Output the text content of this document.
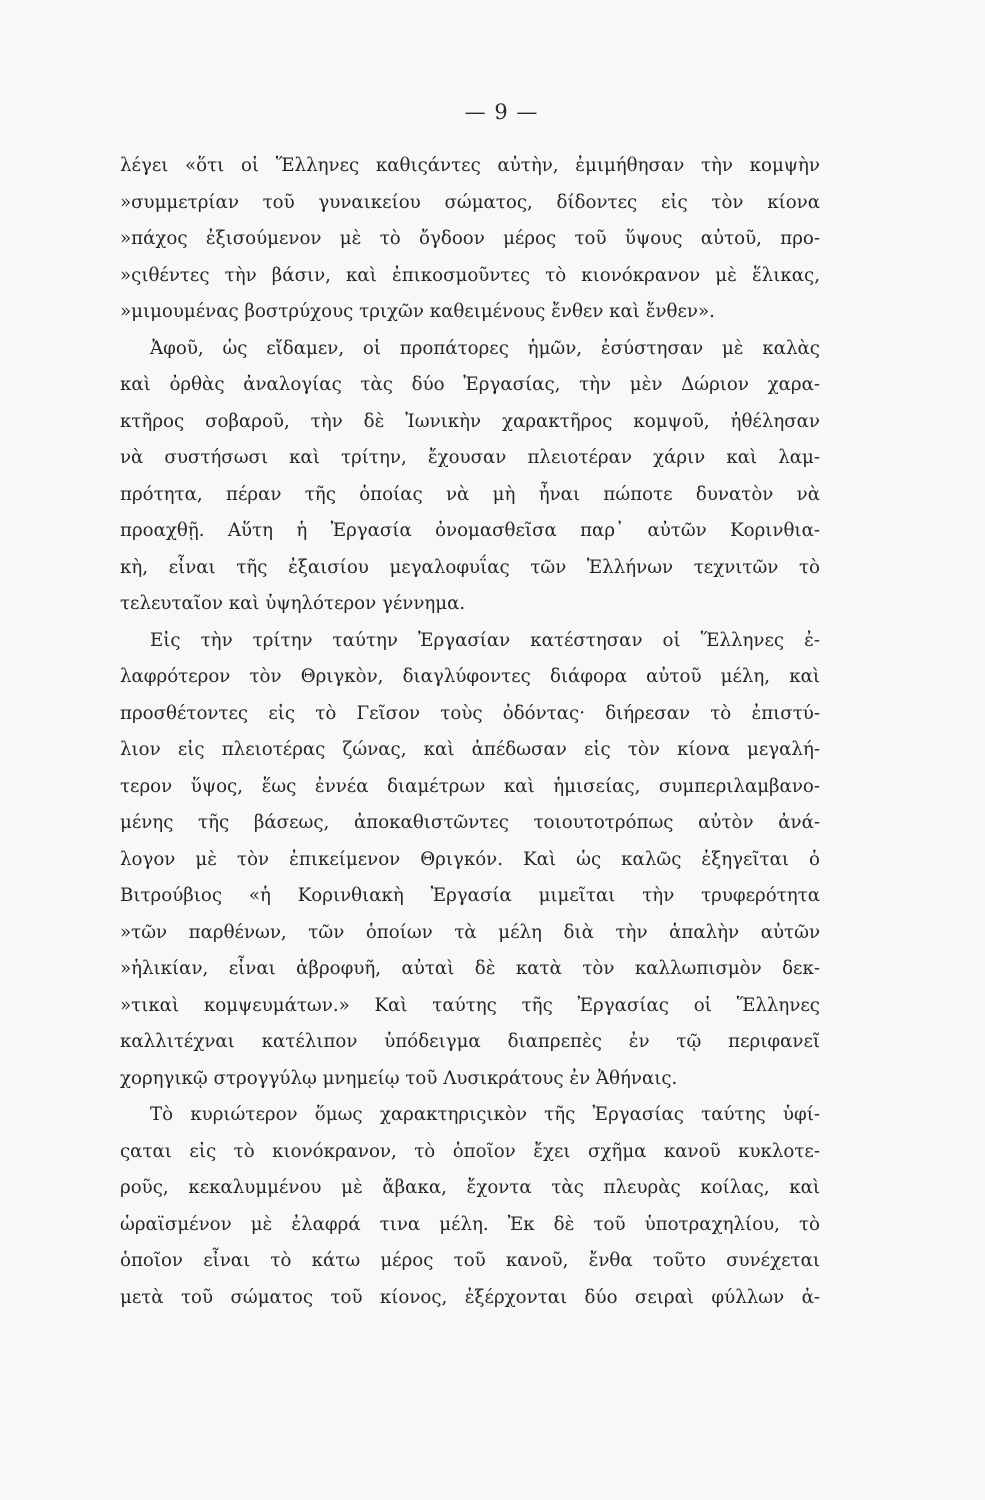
— 9 —
λέγει «ὅτι οἱ Ἕλληνες καθιςάντες αὐτὴν, ἐμιμήθησαν τὴν κομψὴν
»συμμετρίαν τοῦ γυναικείου σώματος, δίδοντες εἰς τὸν κίονα
»πάχος ἐξισούμενον μὲ τὸ ὄγδοον μέρος τοῦ ὕψους αὐτοῦ, προ-
»ςιθέντες τὴν βάσιν, καὶ ἐπικοσμοῦντες τὸ κιονόκρανον μὲ ἕλικας,
»μιμουμένας βοστρύχους τριχῶν καθειμένους ἔνθεν καὶ ἔνθεν».
Ἀφοῦ, ὡς εἴδαμεν, οἱ προπάτορες ἡμῶν, ἐσύστησαν μὲ καλὰς
καὶ ὀρθὰς ἀναλογίας τὰς δύο Ἐργασίας, τὴν μὲν Δώριον χαρα-
κτῆρος σοβαροῦ, τὴν δὲ Ἰωνικὴν χαρακτῆρος κομψοῦ, ἠθέλησαν
νὰ συστήσωσι καὶ τρίτην, ἔχουσαν πλειοτέραν χάριν καὶ λαμ-
πρότητα, πέραν τῆς ὁποίας νὰ μὴ ἦναι πώποτε δυνατὸν νὰ
προαχθῇ. Αὕτη ἡ Ἐργασία ὀνομασθεῖσα παρ᾽ αὐτῶν Κορινθια-
κὴ, εἶναι τῆς ἐξαισίου μεγαλοφυΐας τῶν Ἑλλήνων τεχνιτῶν τὸ
τελευταῖον καὶ ὑψηλότερον γέννημα.
Εἰς τὴν τρίτην ταύτην Ἐργασίαν κατέστησαν οἱ Ἕλληνες ἐ-
λαφρότερον τὸν Θριγκὸν, διαγλύφοντες διάφορα αὐτοῦ μέλη, καὶ
προσθέτοντες εἰς τὸ Γεῖσον τοὺς ὀδόντας· διήρεσαν τὸ ἐπιστύ-
λιον εἰς πλειοτέρας ζώνας, καὶ ἀπέδωσαν εἰς τὸν κίονα μεγαλή-
τερον ὕψος, ἕως ἐννέα διαμέτρων καὶ ἡμισείας, συμπεριλαμβανο-
μένης τῆς βάσεως, ἀποκαθιστῶντες τοιουτοτρόπως αὐτὸν ἀνά-
λογον μὲ τὸν ἐπικείμενον Θριγκόν. Καὶ ὡς καλῶς ἐξηγεῖται ὁ
Βιτρούβιος «ἡ Κορινθιακὴ Ἐργασία μιμεῖται τὴν τρυφερότητα
»τῶν παρθένων, τῶν ὁποίων τὰ μέλη διὰ τὴν ἁπαλὴν αὐτῶν
»ἡλικίαν, εἶναι ἁβροφυῆ, αὐταὶ δὲ κατὰ τὸν καλλωπισμὸν δεκ-
»τικαὶ κομψευμάτων.» Καὶ ταύτης τῆς Ἐργασίας οἱ Ἕλληνες
καλλιτέχναι κατέλιπον ὑπόδειγμα διαπρεπὲς ἐν τῷ περιφανεῖ
χορηγικῷ στρογγύλῳ μνημείῳ τοῦ Λυσικράτους ἐν Ἀθήναις.
Τὸ κυριώτερον ὅμως χαρακτηριςικὸν τῆς Ἐργασίας ταύτης ὑφί-
ςαται εἰς τὸ κιονόκρανον, τὸ ὁποῖον ἔχει σχῆμα κανοῦ κυκλοτε-
ροῦς, κεκαλυμμένου μὲ ἄβακα, ἔχοντα τὰς πλευρὰς κοίλας, καὶ
ὡραϊσμένον μὲ ἐλαφρά τινα μέλη. Ἐκ δὲ τοῦ ὑποτραχηλίου, τὸ
ὁποῖον εἶναι τὸ κάτω μέρος τοῦ κανοῦ, ἔνθα τοῦτο συνέχεται
μετὰ τοῦ σώματος τοῦ κίονος, ἐξέρχονται δύο σειραὶ φύλλων ἀ-
